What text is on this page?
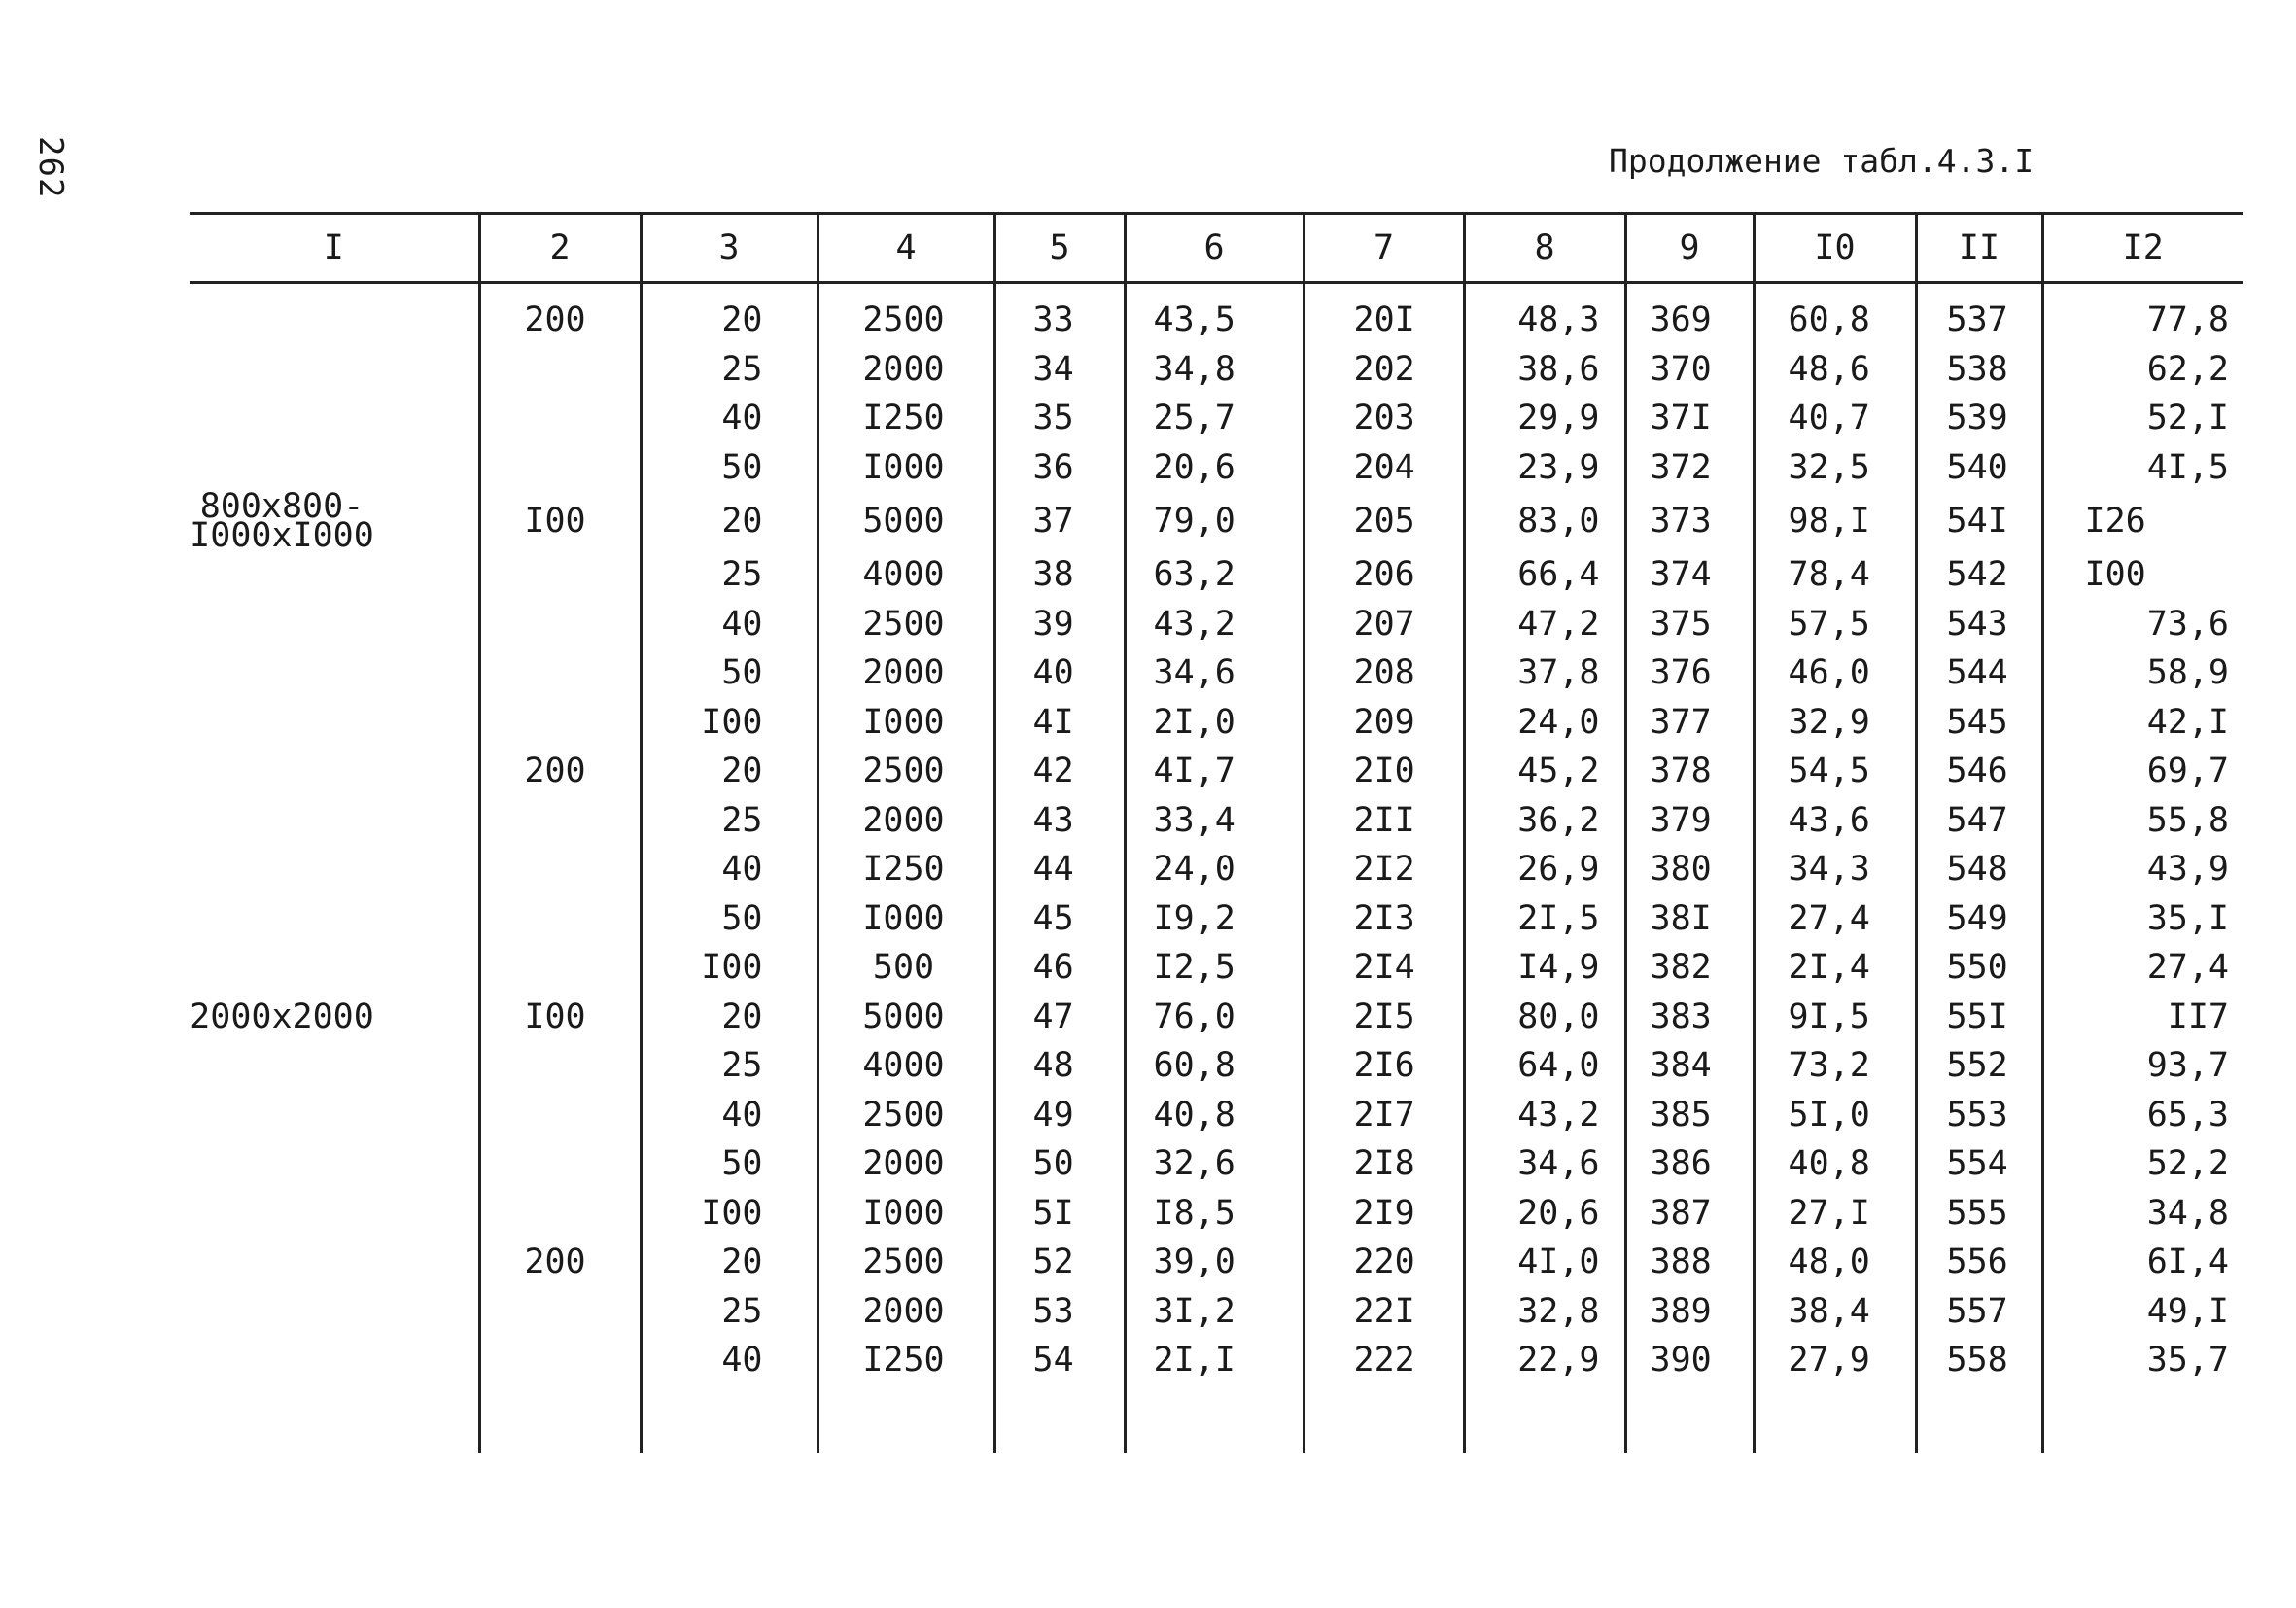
262	Продолжение табл.4.3.I
I	2	3	4	5	6	7	8	9	I0	II	I2

	200	20	2500	33	43,5	20I	48,3	369	60,8	537	77,8
		25	2000	34	34,8	202	38,6	370	48,6	538	62,2
		40	I250	35	25,7	203	29,9	37I	40,7	539	52,I
		50	I000	36	20,6	204	23,9	372	32,5	540	4I,5

800x800-
I000xI000	I00	20	5000	37	79,0	205	83,0	373	98,I	54I	I26
		25	4000	38	63,2	206	66,4	374	78,4	542	I00
		40	2500	39	43,2	207	47,2	375	57,5	543	73,6
		50	2000	40	34,6	208	37,8	376	46,0	544	58,9
		I00	I000	4I	2I,0	209	24,0	377	32,9	545	42,I
	200	20	2500	42	4I,7	2I0	45,2	378	54,5	546	69,7
		25	2000	43	33,4	2II	36,2	379	43,6	547	55,8
		40	I250	44	24,0	2I2	26,9	380	34,3	548	43,9
		50	I000	45	I9,2	2I3	2I,5	38I	27,4	549	35,I
		I00	500	46	I2,5	2I4	I4,9	382	2I,4	550	27,4

2000x2000	I00	20	5000	47	76,0	2I5	80,0	383	9I,5	55I	II7
		25	4000	48	60,8	2I6	64,0	384	73,2	552	93,7
		40	2500	49	40,8	2I7	43,2	385	5I,0	553	65,3
		50	2000	50	32,6	2I8	34,6	386	40,8	554	52,2
		I00	I000	5I	I8,5	2I9	20,6	387	27,I	555	34,8
	200	20	2500	52	39,0	220	4I,0	388	48,0	556	6I,4
		25	2000	53	3I,2	22I	32,8	389	38,4	557	49,I
		40	I250	54	2I,I	222	22,9	390	27,9	558	35,7
